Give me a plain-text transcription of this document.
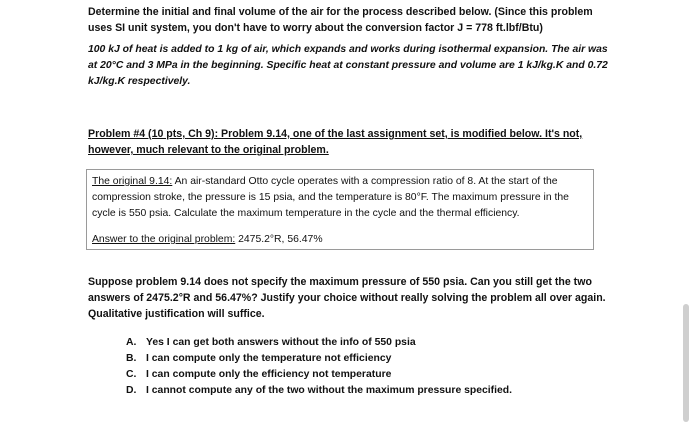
Determine the initial and final volume of the air for the process described below. (Since this problem uses SI unit system, you don't have to worry about the conversion factor J = 778 ft.lbf/Btu)
100 kJ of heat is added to 1 kg of air, which expands and works during isothermal expansion. The air was at 20°C and 3 MPa in the beginning. Specific heat at constant pressure and volume are 1 kJ/kg.K and 0.72 kJ/kg.K respectively.
Problem #4 (10 pts, Ch 9): Problem 9.14, one of the last assignment set, is modified below. It's not, however, much relevant to the original problem.
The original 9.14: An air-standard Otto cycle operates with a compression ratio of 8. At the start of the compression stroke, the pressure is 15 psia, and the temperature is 80°F. The maximum pressure in the cycle is 550 psia. Calculate the maximum temperature in the cycle and the thermal efficiency.
Answer to the original problem: 2475.2°R, 56.47%
Suppose problem 9.14 does not specify the maximum pressure of 550 psia. Can you still get the two answers of 2475.2°R and 56.47%? Justify your choice without really solving the problem all over again. Qualitative justification will suffice.
A. Yes I can get both answers without the info of 550 psia
B. I can compute only the temperature not efficiency
C. I can compute only the efficiency not temperature
D. I cannot compute any of the two without the maximum pressure specified.
